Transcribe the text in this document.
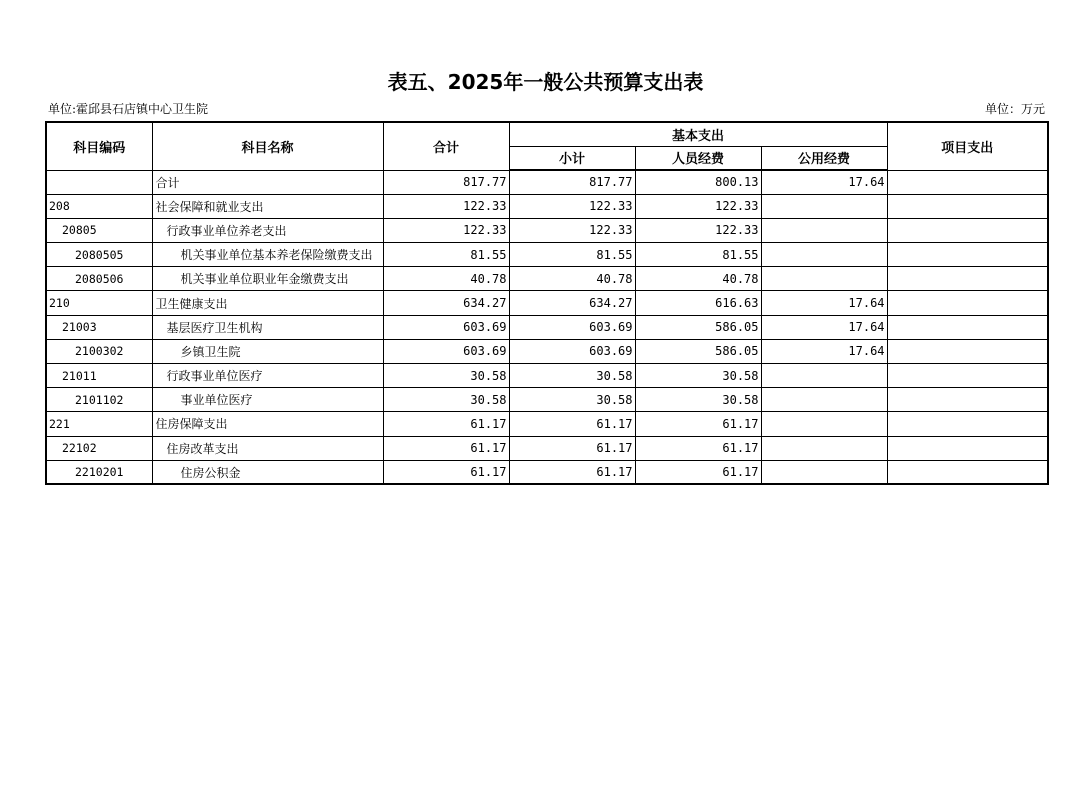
表五、2025年一般公共预算支出表
单位:霍邱县石店镇中心卫生院	单位：万元
科目编码	科目名称	合计	基本支出			项目支出
			小计	人员经费	公用经费	
	合计	817.77	817.77	800.13	17.64	
208	社会保障和就业支出	122.33	122.33	122.33		
20805	行政事业单位养老支出	122.33	122.33	122.33		
2080505	机关事业单位基本养老保险缴费支出	81.55	81.55	81.55		
2080506	机关事业单位职业年金缴费支出	40.78	40.78	40.78		
210	卫生健康支出	634.27	634.27	616.63	17.64	
21003	基层医疗卫生机构	603.69	603.69	586.05	17.64	
2100302	乡镇卫生院	603.69	603.69	586.05	17.64	
21011	行政事业单位医疗	30.58	30.58	30.58		
2101102	事业单位医疗	30.58	30.58	30.58		
221	住房保障支出	61.17	61.17	61.17		
22102	住房改革支出	61.17	61.17	61.17		
2210201	住房公积金	61.17	61.17	61.17		
